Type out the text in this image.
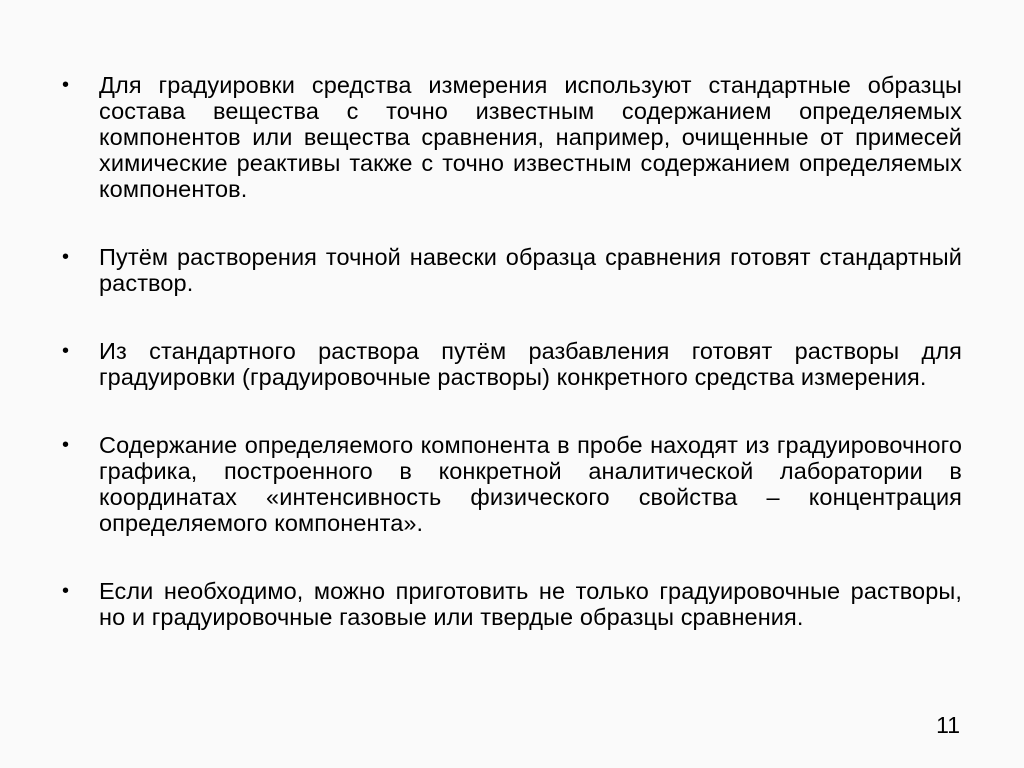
•	Для градуировки средства измерения используют стандартные образцы состава вещества с точно известным содержанием определяемых компонентов или вещества сравнения, например, очищенные от примесей химические реактивы также с точно известным содержанием определяемых компонентов.
•	Путём растворения точной навески образца сравнения готовят стандартный раствор.
•	Из стандартного раствора путём разбавления готовят растворы для градуировки (градуировочные растворы) конкретного средства измерения.
•	Содержание определяемого компонента в пробе находят из градуировочного графика, построенного в конкретной аналитической лаборатории в координатах «интенсивность физического свойства – концентрация определяемого компонента».
•	Если необходимо, можно приготовить не только градуировочные растворы, но и градуировочные газовые или твердые образцы сравнения.
11
